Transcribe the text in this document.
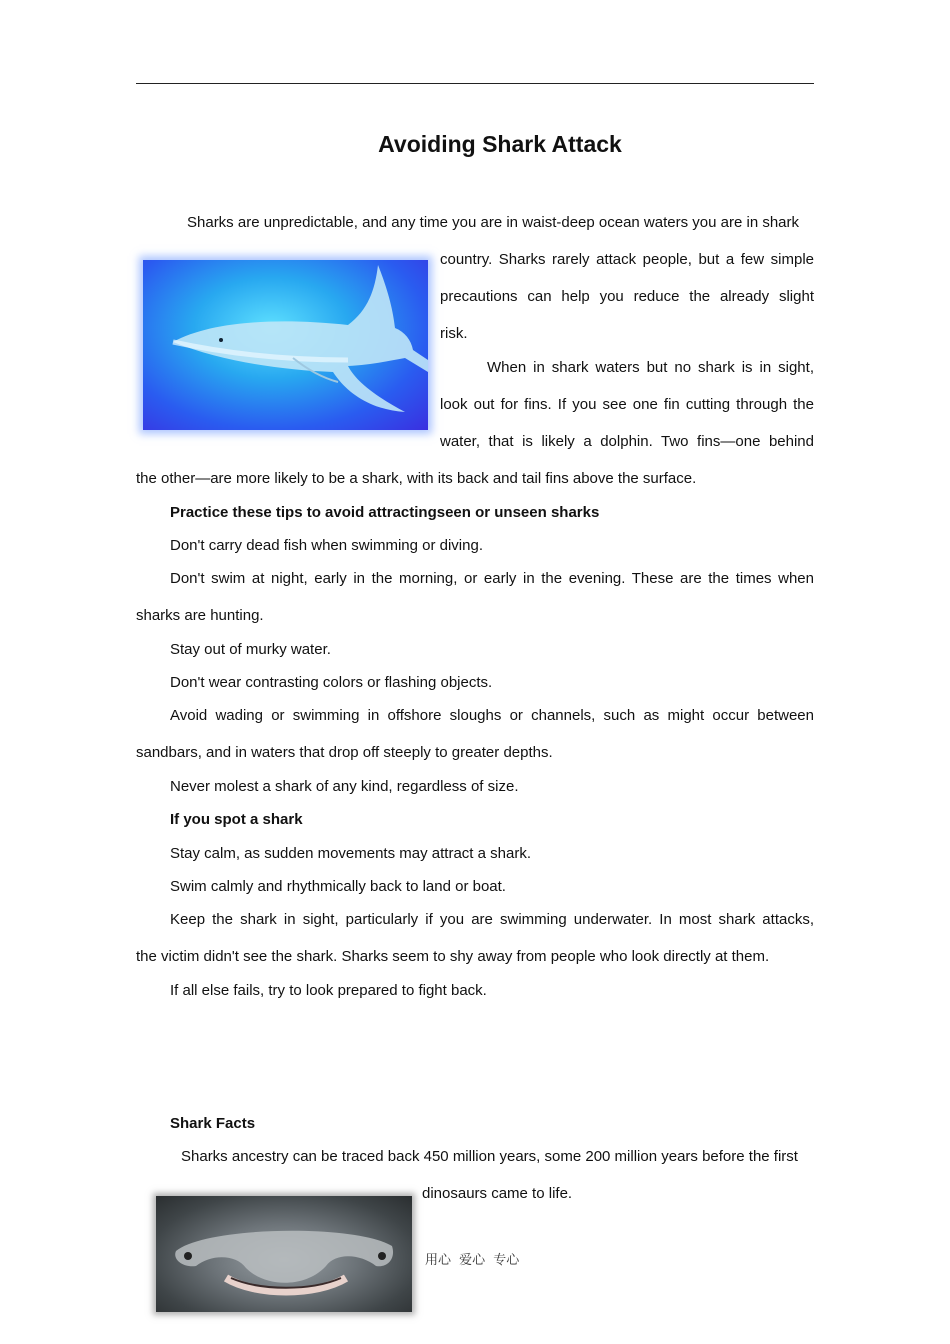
Avoiding Shark Attack
Sharks are unpredictable, and any time you are in waist-deep ocean waters you are in shark
country. Sharks rarely attack people, but a few simple
precautions can help you reduce the already slight
risk.
When in shark waters but no shark is in sight,
look out for fins. If you see one fin cutting through the
water, that is likely a dolphin. Two fins—one behind
the other—are more likely to be a shark, with its back and tail fins above the surface.
Practice these tips to avoid attractingseen or unseen sharks
Don't carry dead fish when swimming or diving.
Don't swim at night, early in the morning, or early in the evening. These are the times when
sharks are hunting.
Stay out of murky water.
Don't wear contrasting colors or flashing objects.
Avoid wading or swimming in offshore sloughs or channels, such as might occur between
sandbars, and in waters that drop off steeply to greater depths.
Never molest a shark of any kind, regardless of size.
If you spot a shark
Stay calm, as sudden movements may attract a shark.
Swim calmly and rhythmically back to land or boat.
Keep the shark in sight, particularly if you are swimming underwater. In most shark attacks,
the victim didn't see the shark. Sharks seem to shy away from people who look directly at them.
If all else fails, try to look prepared to fight back.
Shark Facts
Sharks ancestry can be traced back 450 million years, some 200 million years before the first
dinosaurs came to life.
用心 爱心 专心
